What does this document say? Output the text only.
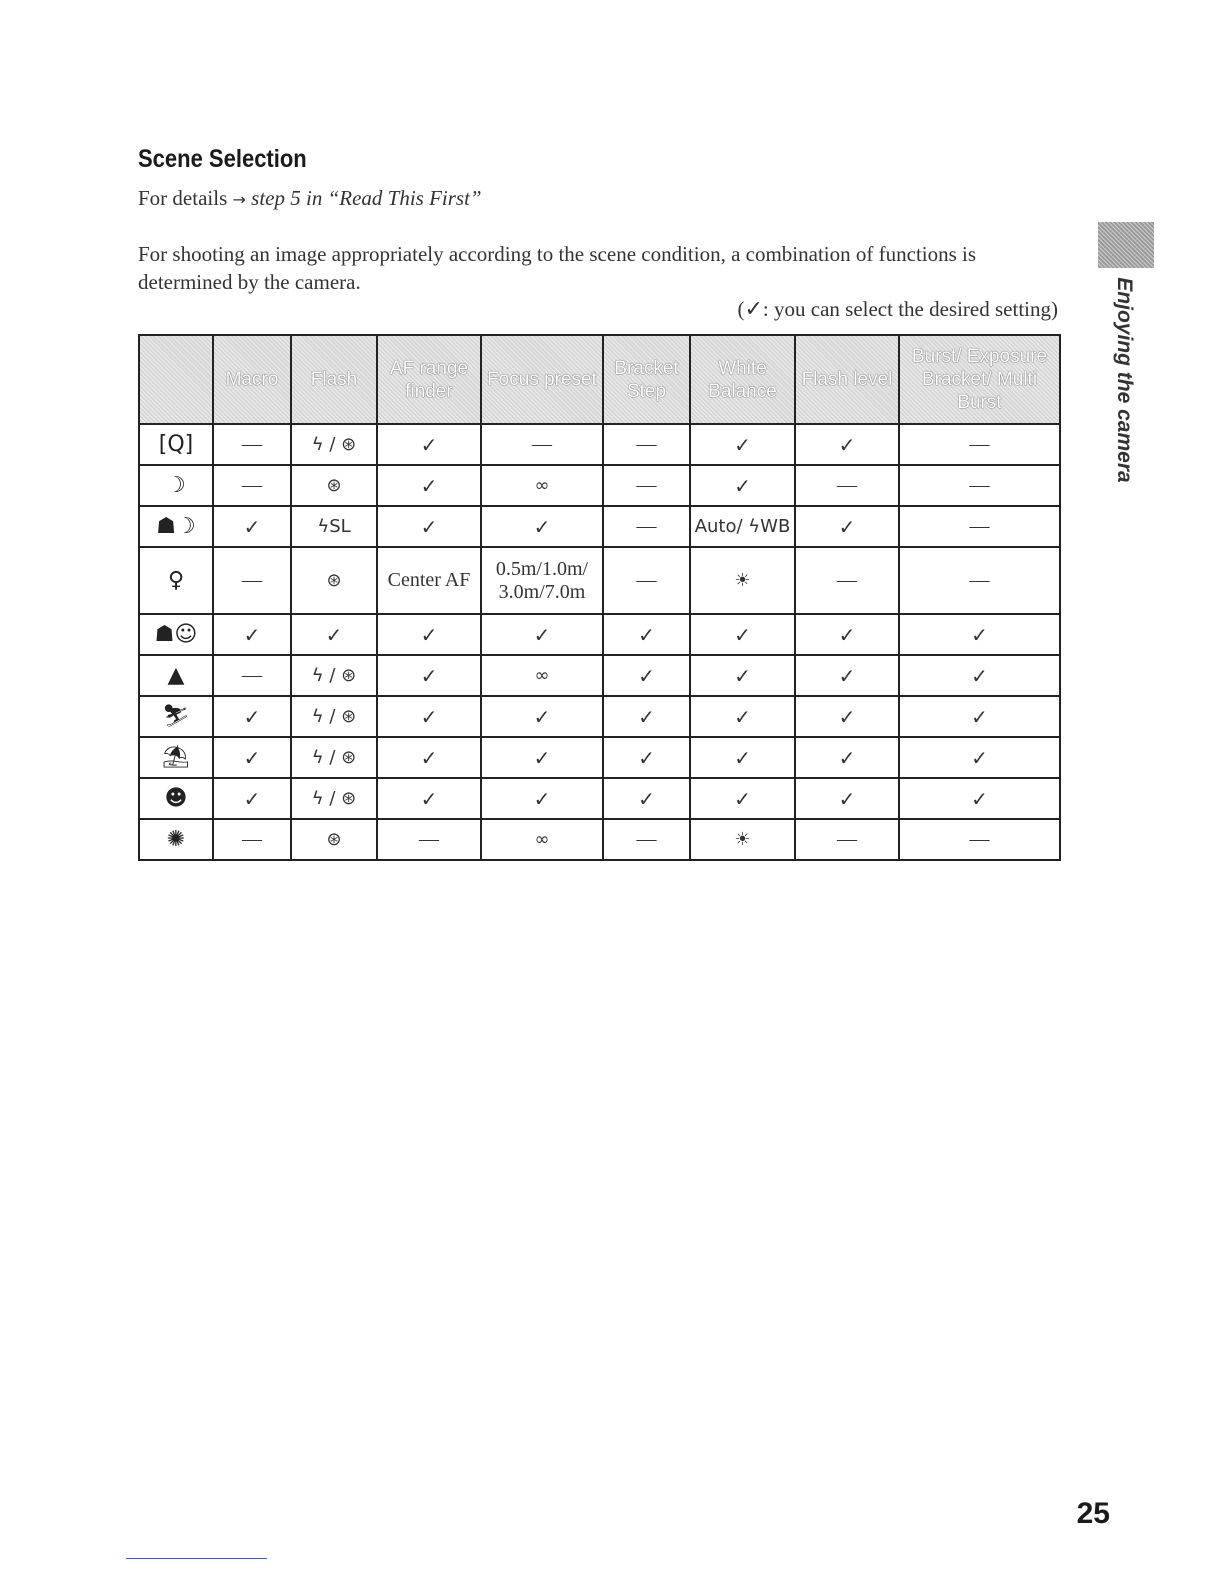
Scene Selection
For details → step 5 in “Read This First”
For shooting an image appropriately according to the scene condition, a combination of functions is determined by the camera.
(✓: you can select the desired setting)
	Macro	Flash	AF range finder	Focus preset	Bracket Step	White Balance	Flash level	Burst/ Exposure Bracket/ Multi Burst
[Q]	—	ϟ / ⊛	✓	—	—	✓	✓	—
☽	—	⊛	✓	∞	—	✓	—	—
☗☽	✓	ϟSL	✓	✓	—	Auto/ ϟWB	✓	—
♀	—	⊛	Center AF	0.5m/1.0m/ 3.0m/7.0m	—	☀	—	—
☗☺	✓	✓	✓	✓	✓	✓	✓	✓
▲	—	ϟ / ⊛	✓	∞	✓	✓	✓	✓
⛷	✓	ϟ / ⊛	✓	✓	✓	✓	✓	✓
⛱	✓	ϟ / ⊛	✓	✓	✓	✓	✓	✓
☻	✓	ϟ / ⊛	✓	✓	✓	✓	✓	✓
✺	—	⊛	—	∞	—	☀	—	—
Enjoying the camera
25
